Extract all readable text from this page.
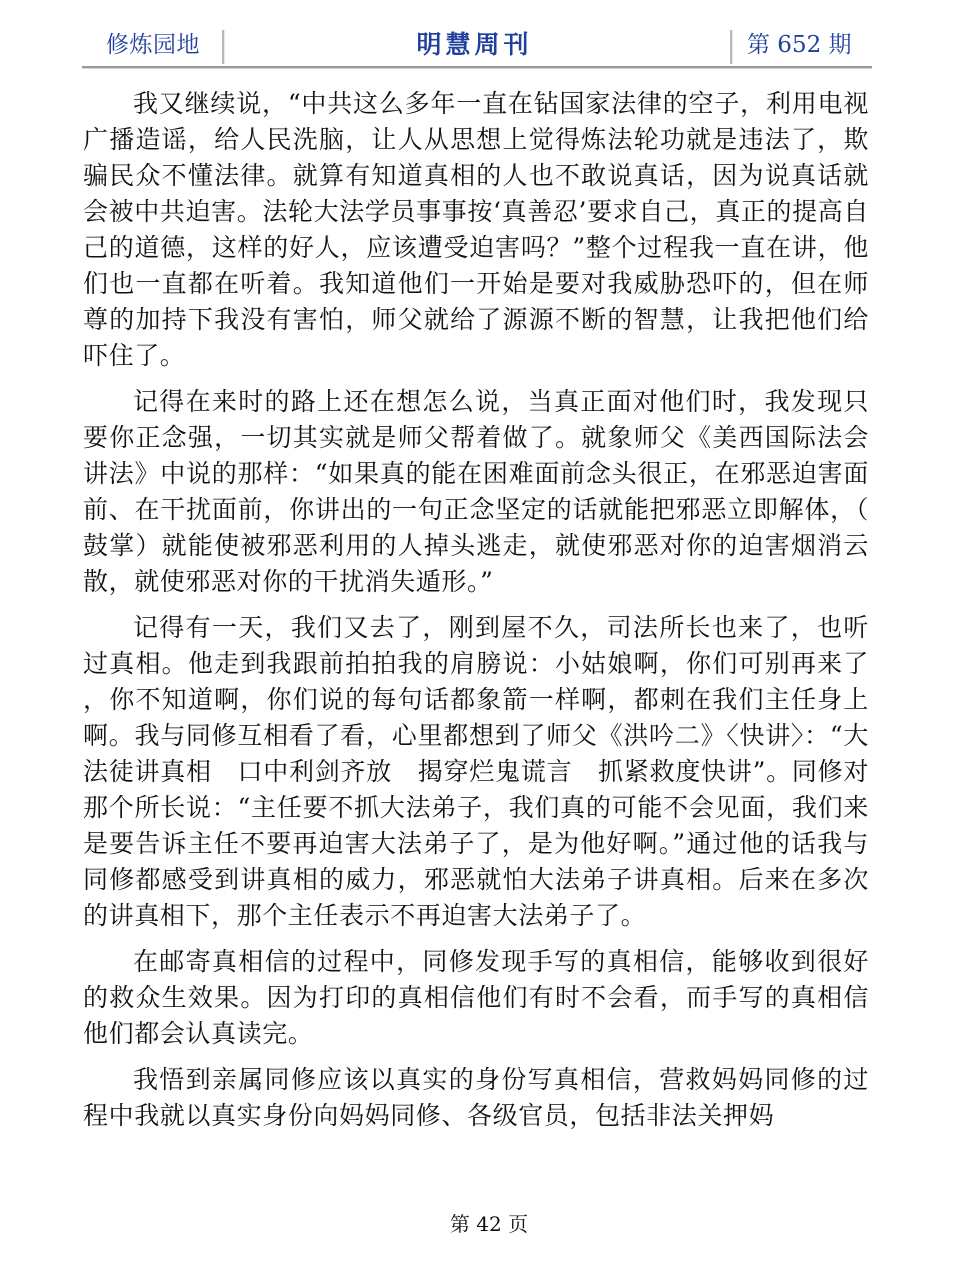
修炼园地	明慧周刊	第 652 期

我又继续说，“中共这么多年一直在钻国家法律的空子，利用电视广播造谣，给人民洗脑，让人从思想上觉得炼法轮功就是违法了，欺骗民众不懂法律。就算有知道真相的人也不敢说真话，因为说真话就会被中共迫害。法轮大法学员事事按‘真善忍’要求自己，真正的提高自己的道德，这样的好人，应该遭受迫害吗？”整个过程我一直在讲，他们也一直都在听着。我知道他们一开始是要对我威胁恐吓的，但在师尊的加持下我没有害怕，师父就给了源源不断的智慧，让我把他们给吓住了。

记得在来时的路上还在想怎么说，当真正面对他们时，我发现只要你正念强，一切其实就是师父帮着做了。就象师父《美西国际法会讲法》中说的那样：“如果真的能在困难面前念头很正，在邪恶迫害面前、在干扰面前，你讲出的一句正念坚定的话就能把邪恶立即解体，（鼓掌）就能使被邪恶利用的人掉头逃走，就使邪恶对你的迫害烟消云散，就使邪恶对你的干扰消失遁形。”

记得有一天，我们又去了，刚到屋不久，司法所长也来了，也听过真相。他走到我跟前拍拍我的肩膀说：小姑娘啊，你们可别再来了，你不知道啊，你们说的每句话都象箭一样啊，都刺在我们主任身上啊。我与同修互相看了看，心里都想到了师父《洪吟二》〈快讲〉：“大法徒讲真相　口中利剑齐放　揭穿烂鬼谎言　抓紧救度快讲”。同修对那个所长说：“主任要不抓大法弟子，我们真的可能不会见面，我们来是要告诉主任不要再迫害大法弟子了，是为他好啊。”通过他的话我与同修都感受到讲真相的威力，邪恶就怕大法弟子讲真相。后来在多次的讲真相下，那个主任表示不再迫害大法弟子了。

在邮寄真相信的过程中，同修发现手写的真相信，能够收到很好的救众生效果。因为打印的真相信他们有时不会看，而手写的真相信他们都会认真读完。

我悟到亲属同修应该以真实的身份写真相信，营救妈妈同修的过程中我就以真实身份向妈妈同修、各级官员，包括非法关押妈

第 42 页
